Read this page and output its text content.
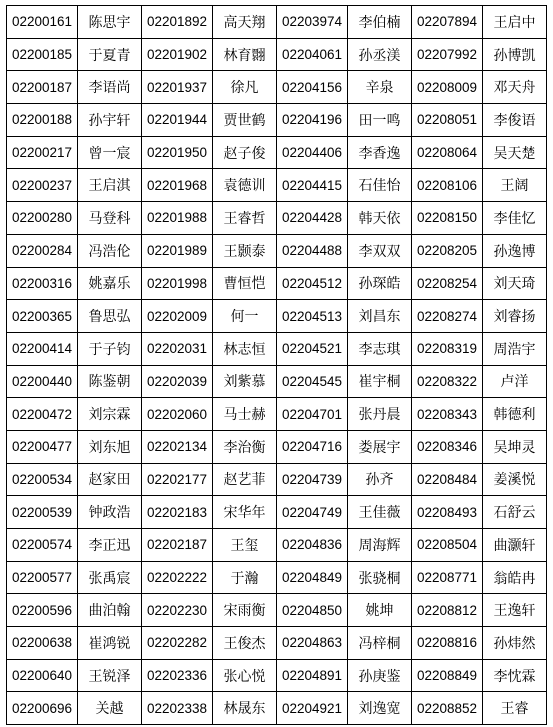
02200161	陈思宇	02201892	高天翔	02203974	李伯楠	02207894	王启中
02200185	于夏青	02201902	林育翾	02204061	孙丞渼	02207992	孙博凯
02200187	李语尚	02201937	徐凡	02204156	辛泉	02208009	邓天舟
02200188	孙宇轩	02201944	贾世鹤	02204196	田一鸣	02208051	李俊语
02200217	曾一宸	02201950	赵子俊	02204406	李香逸	02208064	吴天楚
02200237	王启淇	02201968	袁德训	02204415	石佳怡	02208106	王阔
02200280	马登科	02201988	王睿哲	02204428	韩天依	02208150	李佳忆
02200284	冯浩伦	02201989	王颢泰	02204488	李双双	02208205	孙逸博
02200316	姚嘉乐	02201998	曹恒恺	02204512	孙琛皓	02208254	刘天琦
02200365	鲁思弘	02202009	何一	02204513	刘昌东	02208274	刘睿扬
02200414	于子钧	02202031	林志恒	02204521	李志琪	02208319	周浩宇
02200440	陈鉴朝	02202039	刘紫慕	02204545	崔宇桐	02208322	卢洋
02200472	刘宗霖	02202060	马士赫	02204701	张丹晨	02208343	韩德利
02200477	刘东旭	02202134	李治衡	02204716	娄展宇	02208346	吴坤灵
02200534	赵家田	02202177	赵艺菲	02204739	孙齐	02208484	姜溪悦
02200539	钟政浩	02202183	宋华年	02204749	王佳薇	02208493	石舒云
02200574	李正迅	02202187	王玺	02204836	周海辉	02208504	曲灏轩
02200577	张禹宸	02202222	于瀚	02204849	张骁桐	02208771	翁皓冉
02200596	曲泊翰	02202230	宋雨衡	02204850	姚坤	02208812	王逸轩
02200638	崔鸿锐	02202282	王俊杰	02204863	冯梓桐	02208816	孙炜然
02200640	王锐泽	02202336	张心悦	02204891	孙庚鉴	02208849	李忱霖
02200696	关越	02202338	林晟东	02204921	刘逸宽	02208852	王睿
